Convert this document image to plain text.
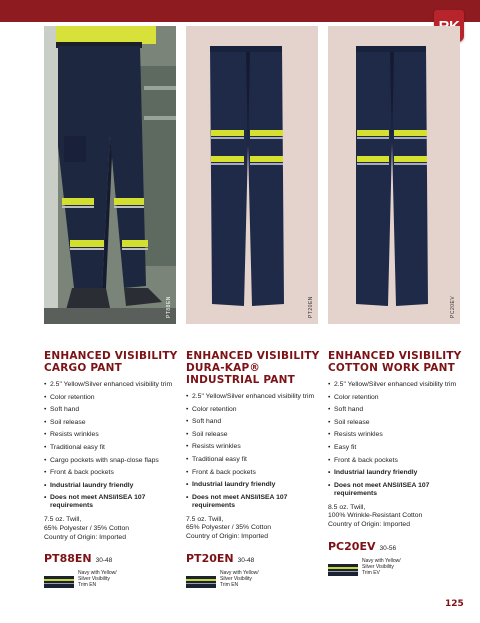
PT88EN	PT20EN	PC20EV
ENHANCED VISIBILITY
CARGO PANT
• 2.5" Yellow/Silver enhanced visibility trim
• Color retention
• Soft hand
• Soil release
• Resists wrinkles
• Traditional easy fit
• Cargo pockets with snap-close flaps
• Front & back pockets
• Industrial laundry friendly
• Does not meet ANSI/ISEA 107 requirements
7.5 oz. Twill,
65% Polyester / 35% Cotton
Country of Origin: Imported
PT88EN 30-48
Navy with Yellow/
Silver Visibility
Trim EN
ENHANCED VISIBILITY
DURA-KAP®
INDUSTRIAL PANT
• 2.5" Yellow/Silver enhanced visibility trim
• Color retention
• Soft hand
• Soil release
• Resists wrinkles
• Traditional easy fit
• Front & back pockets
• Industrial laundry friendly
• Does not meet ANSI/ISEA 107 requirements
7.5 oz. Twill,
65% Polyester / 35% Cotton
Country of Origin: Imported
PT20EN 30-48
Navy with Yellow/
Silver Visibility
Trim EN
ENHANCED VISIBILITY
COTTON WORK PANT
• 2.5" Yellow/Silver enhanced visibility trim
• Color retention
• Soft hand
• Soil release
• Resists wrinkles
• Easy fit
• Front & back pockets
• Industrial laundry friendly
• Does not meet ANSI/ISEA 107 requirements
8.5 oz. Twill,
100% Wrinkle-Resistant Cotton
Country of Origin: Imported
PC20EV 30-56
Navy with Yellow/
Silver Visibility
Trim EV
125
